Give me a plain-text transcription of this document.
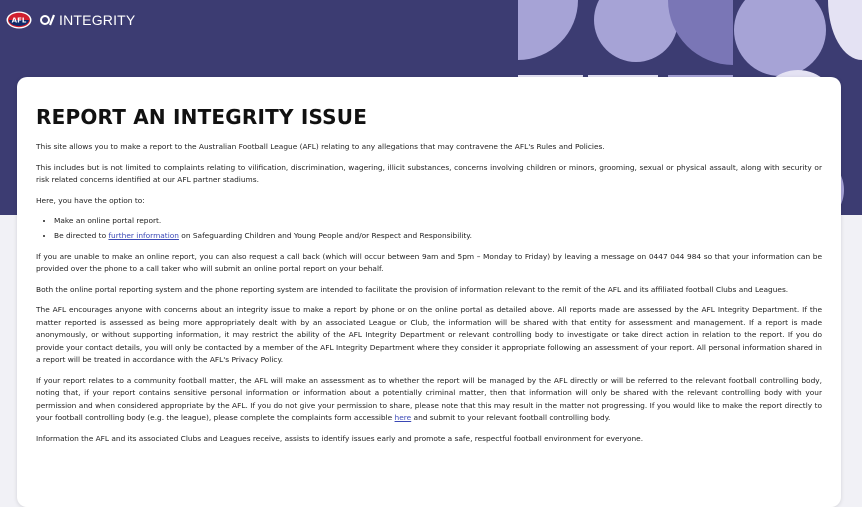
AFL INTEGRITY
REPORT AN INTEGRITY ISSUE

This site allows you to make a report to the Australian Football League (AFL) relating to any allegations that may contravene the AFL's Rules and Policies.

This includes but is not limited to complaints relating to vilification, discrimination, wagering, illicit substances, concerns involving children or minors, grooming, sexual or physical assault, along with security or risk related concerns identified at our AFL partner stadiums.

Here, you have the option to:

• Make an online portal report.
• Be directed to further information on Safeguarding Children and Young People and/or Respect and Responsibility.

If you are unable to make an online report, you can also request a call back (which will occur between 9am and 5pm – Monday to Friday) by leaving a message on 0447 044 984 so that your information can be provided over the phone to a call taker who will submit an online portal report on your behalf.

Both the online portal reporting system and the phone reporting system are intended to facilitate the provision of information relevant to the remit of the AFL and its affiliated football Clubs and Leagues.

The AFL encourages anyone with concerns about an integrity issue to make a report by phone or on the online portal as detailed above. All reports made are assessed by the AFL Integrity Department. If the matter reported is assessed as being more appropriately dealt with by an associated League or Club, the information will be shared with that entity for assessment and management. If a report is made anonymously, or without supporting information, it may restrict the ability of the AFL Integrity Department or relevant controlling body to investigate or take direct action in relation to the report. If you do provide your contact details, you will only be contacted by a member of the AFL Integrity Department where they consider it appropriate following an assessment of your report. All personal information shared in a report will be treated in accordance with the AFL's Privacy Policy.

If your report relates to a community football matter, the AFL will make an assessment as to whether the report will be managed by the AFL directly or will be referred to the relevant football controlling body, noting that, if your report contains sensitive personal information or information about a potentially criminal matter, then that information will only be shared with the relevant controlling body with your permission and when considered appropriate by the AFL. If you do not give your permission to share, please note that this may result in the matter not progressing. If you would like to make the report directly to your football controlling body (e.g. the league), please complete the complaints form accessible here and submit to your relevant football controlling body.

Information the AFL and its associated Clubs and Leagues receive, assists to identify issues early and promote a safe, respectful football environment for everyone.
